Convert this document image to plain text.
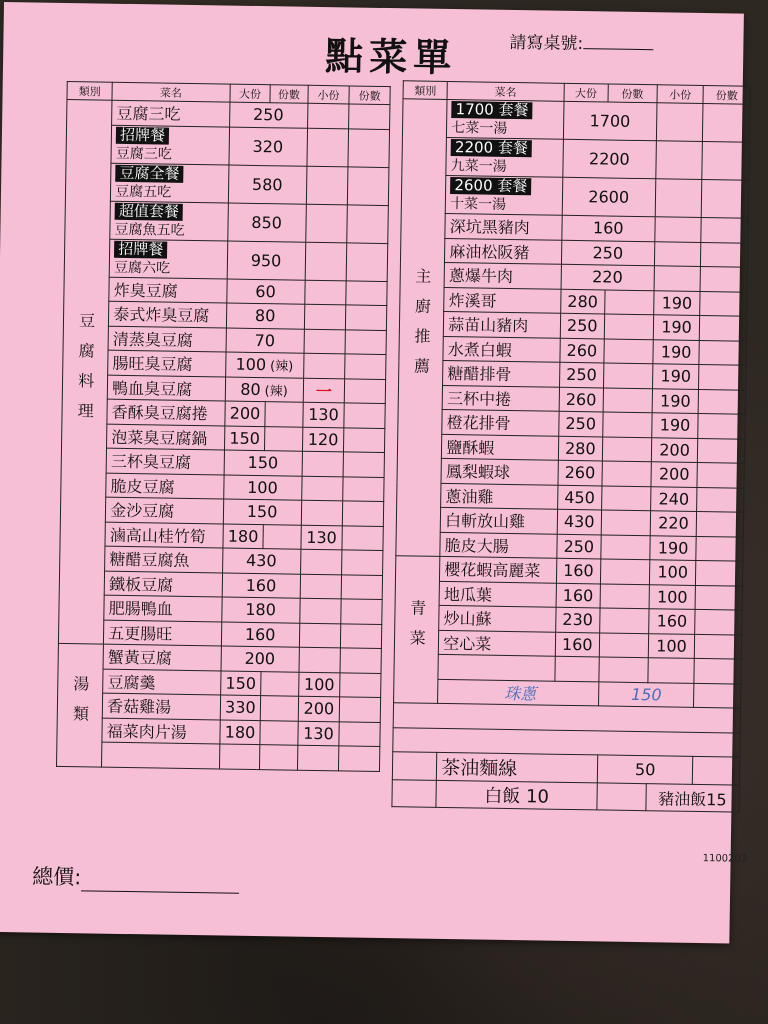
點菜單	請寫桌號:
類別	菜名	大份	份數	小份	份數
豆腐料理	豆腐三吃	250			

	招牌餐
豆腐三吃	320			

	豆腐全餐
豆腐五吃	580			

	超值套餐
豆腐魚五吃	850			

	招牌餐
豆腐六吃	950			
	炸臭豆腐	60			
	泰式炸臭豆腐	80			
	清蒸臭豆腐	70			
	腸旺臭豆腐	100 (辣)			
	鴨血臭豆腐	80 (辣)		一	
	香酥臭豆腐捲	200		130	
	泡菜臭豆腐鍋	150		120	
	三杯臭豆腐	150			
	脆皮豆腐	100			
	金沙豆腐	150			
	滷高山桂竹筍	180		130	
	糖醋豆腐魚	430			
	鐵板豆腐	160			
	肥腸鴨血	180			
	五更腸旺	160			
湯類	蟹黃豆腐	200			
	豆腐羹	150		100	
	香菇雞湯	330		200	
	福菜肉片湯	180		130	

類別	菜名	大份	份數	小份	份數
主廚推薦	1700 套餐
七菜一湯	1700			

	2200 套餐
九菜一湯	2200			

	2600 套餐
十菜一湯	2600			
	深坑黑豬肉	160			
	麻油松阪豬	250			
	蔥爆牛肉	220			
	炸溪哥	280		190	
	蒜苗山豬肉	250		190	
	水煮白蝦	260		190	
	糖醋排骨	250		190	
	三杯中捲	260		190	
	橙花排骨	250		190	
	鹽酥蝦	280		200	
	鳳梨蝦球	260		200	
	蔥油雞	450		240	
	白斬放山雞	430		220	
	脆皮大腸	250		190	
青菜	櫻花蝦高麗菜	160		100	
	地瓜葉	160		100	
	炒山蘇	230		160	
	空心菜	160		100	

	珠蔥		150		

	茶油麵線		50		
	白飯 10			豬油飯15	
1100203
總價:
